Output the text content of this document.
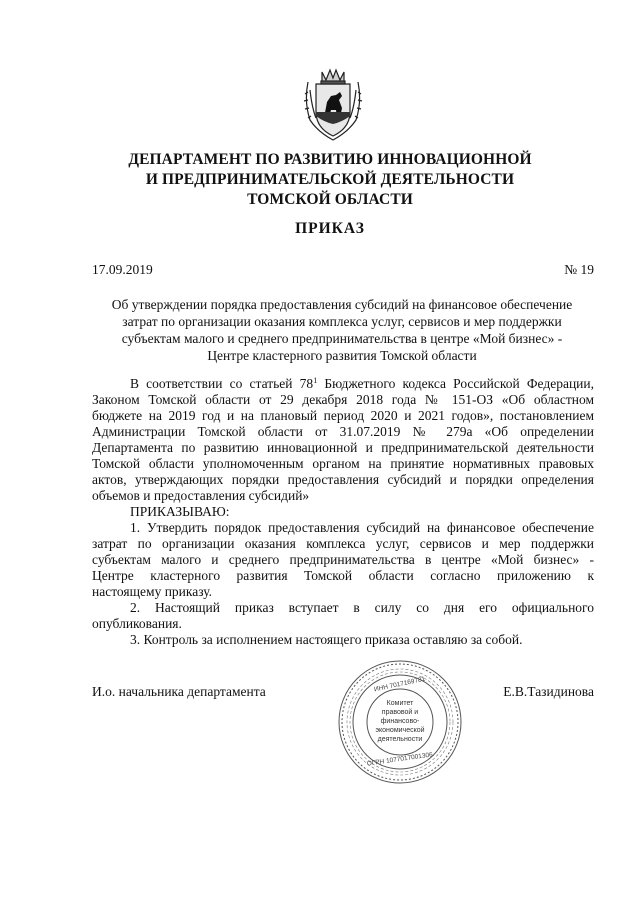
ДЕПАРТАМЕНТ ПО РАЗВИТИЮ ИННОВАЦИОННОЙ
И ПРЕДПРИНИМАТЕЛЬСКОЙ ДЕЯТЕЛЬНОСТИ
ТОМСКОЙ ОБЛАСТИ
ПРИКАЗ
17.09.2019	№ 19
Об утверждении порядка предоставления субсидий на финансовое обеспечение
затрат по организации оказания комплекса услуг, сервисов и мер поддержки
субъектам малого и среднего предпринимательства в центре «Мой бизнес» -
Центре кластерного развития Томской области
В соответствии со статьей $78^1$ Бюджетного кодекса Российской Федерации,
Законом Томской области от 29 декабря 2018 года № 151-ОЗ «Об областном
бюджете на 2019 год и на плановый период 2020 и 2021 годов», постановлением
Администрации Томской области от 31.07.2019 № 279а «Об определении
Департамента по развитию инновационной и предпринимательской деятельности
Томской области уполномоченным органом на принятие нормативных правовых
актов, утверждающих порядки предоставления субсидий и порядки определения
объемов и предоставления субсидий»
ПРИКАЗЫВАЮ:
1. Утвердить порядок предоставления субсидий на финансовое обеспечение
затрат по организации оказания комплекса услуг, сервисов и мер поддержки
субъектам малого и среднего предпринимательства в центре «Мой бизнес» -
Центре кластерного развития Томской области согласно приложению к
настоящему приказу.
2. Настоящий приказ вступает в силу со дня его официального
опубликования.
3. Контроль за исполнением настоящего приказа оставляю за собой.
И.о. начальника департамента	Е.В.Тазидинова
ИНН 7017169781
ОГРН 1077017001306
Комитет
правовой и
финансово-
экономической
деятельности
